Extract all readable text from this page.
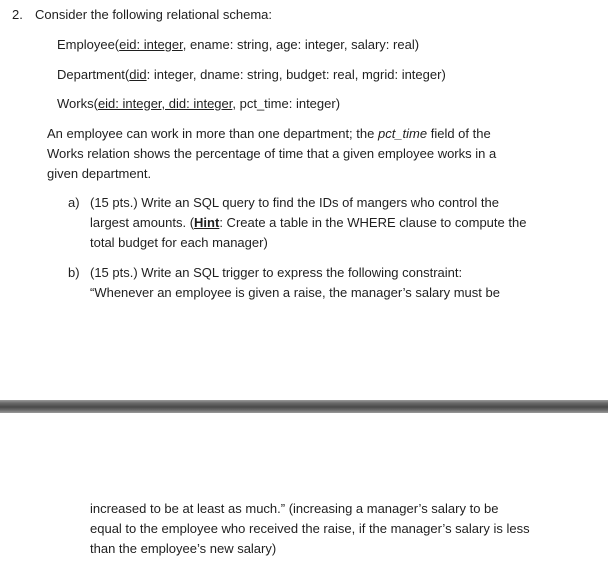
2. Consider the following relational schema:
Employee(eid: integer, ename: string, age: integer, salary: real)
Department(did: integer, dname: string, budget: real, mgrid: integer)
Works(eid: integer, did: integer, pct_time: integer)
An employee can work in more than one department; the pct_time field of the
Works relation shows the percentage of time that a given employee works in a
given department.
a) (15 pts.) Write an SQL query to find the IDs of mangers who control the
largest amounts. (Hint: Create a table in the WHERE clause to compute the
total budget for each manager)
b) (15 pts.) Write an SQL trigger to express the following constraint:
“Whenever an employee is given a raise, the manager’s salary must be
increased to be at least as much.” (increasing a manager’s salary to be
equal to the employee who received the raise, if the manager’s salary is less
than the employee’s new salary)
